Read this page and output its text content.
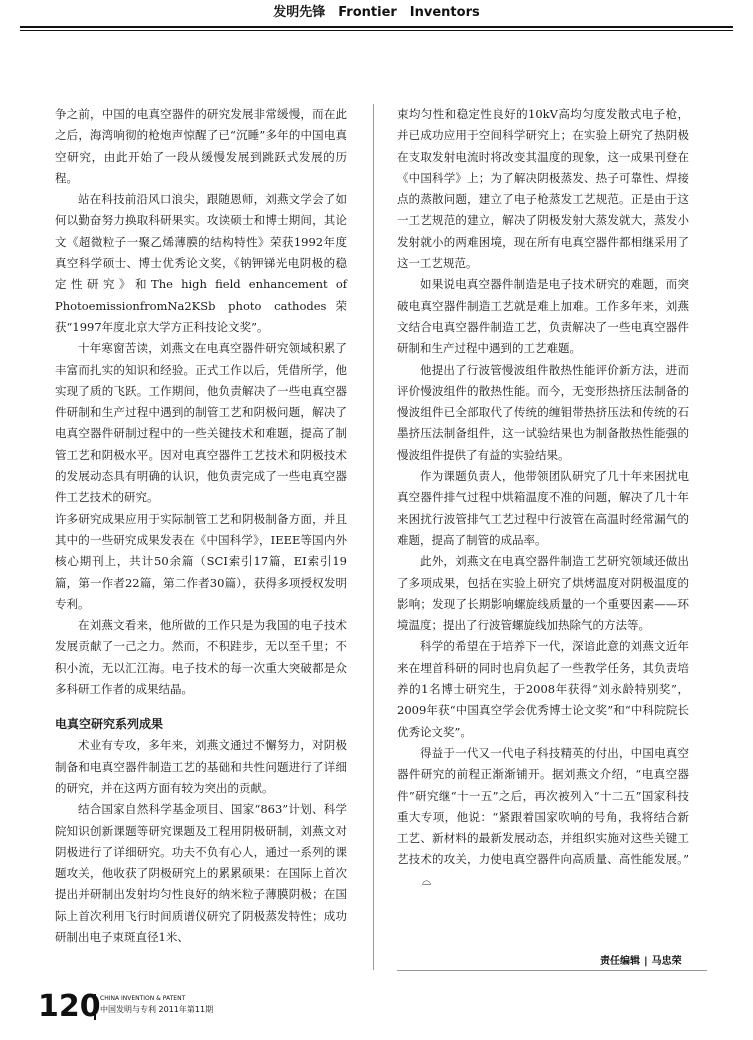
发明先锋　Frontier　Inventors

争之前，中国的电真空器件的研究发展非常缓慢，而在此之后，海湾响彻的枪炮声惊醒了已“沉睡”多年的中国电真空研究，由此开始了一段从缓慢发展到跳跃式发展的历程。

站在科技前沿风口浪尖，跟随恩师，刘燕文学会了如何以勤奋努力换取科研果实。攻读硕士和博士期间，其论文《超微粒子一聚乙烯薄膜的结构特性》荣获1992年度真空科学硕士、博士优秀论文奖，《钠钾锑光电阴极的稳定性研究》和The high field enhancement of PhotoemissionfromNa2KSb photo cathodes荣获“1997年度北京大学方正科技论文奖”。

十年寒窗苦读，刘燕文在电真空器件研究领域积累了丰富而扎实的知识和经验。正式工作以后，凭借所学，他实现了质的飞跃。工作期间，他负责解决了一些电真空器件研制和生产过程中遇到的制管工艺和阴极问题，解决了电真空器件研制过程中的一些关键技术和难题，提高了制管工艺和阴极水平。因对电真空器件工艺技术和阴极技术的发展动态具有明确的认识，他负责完成了一些电真空器件工艺技术的研究。

许多研究成果应用于实际制管工艺和阴极制备方面，并且其中的一些研究成果发表在《中国科学》，IEEE等国内外核心期刊上，共计50余篇（SCI索引17篇，EI索引19篇，第一作者22篇，第二作者30篇），获得多项授权发明专利。

在刘燕文看来，他所做的工作只是为我国的电子技术发展贡献了一己之力。然而，不积跬步，无以至千里；不积小流，无以汇江海。电子技术的每一次重大突破都是众多科研工作者的成果结晶。

电真空研究系列成果

术业有专攻，多年来，刘燕文通过不懈努力，对阴极制备和电真空器件制造工艺的基础和共性问题进行了详细的研究，并在这两方面有较为突出的贡献。

结合国家自然科学基金项目、国家“863”计划、科学院知识创新课题等研究课题及工程用阴极研制，刘燕文对阴极进行了详细研究。功夫不负有心人，通过一系列的课题攻关，他收获了阴极研究上的累累硕果：在国际上首次提出并研制出发射均匀性良好的纳米粒子薄膜阴极；在国际上首次利用飞行时间质谱仪研究了阴极蒸发特性；成功研制出电子束斑直径1米、

束均匀性和稳定性良好的10kV高均匀度发散式电子枪，并已成功应用于空间科学研究上；在实验上研究了热阴极在支取发射电流时将改变其温度的现象，这一成果刊登在《中国科学》上；为了解决阴极蒸发、热子可靠性、焊接点的蒸散问题，建立了电子枪蒸发工艺规范。正是由于这一工艺规范的建立，解决了阴极发射大蒸发就大，蒸发小发射就小的两难困境，现在所有电真空器件都相继采用了这一工艺规范。

如果说电真空器件制造是电子技术研究的难题，而突破电真空器件制造工艺就是难上加难。工作多年来，刘燕文结合电真空器件制造工艺，负责解决了一些电真空器件研制和生产过程中遇到的工艺难题。

他提出了行波管慢波组件散热性能评价新方法，进而评价慢波组件的散热性能。而今，无变形热挤压法制备的慢波组件已全部取代了传统的缠钼带热挤压法和传统的石墨挤压法制备组件，这一试验结果也为制备散热性能强的慢波组件提供了有益的实验结果。

作为课题负责人，他带领团队研究了几十年来困扰电真空器件排气过程中烘箱温度不准的问题，解决了几十年来困扰行波管排气工艺过程中行波管在高温时经常漏气的难题，提高了制管的成品率。

此外，刘燕文在电真空器件制造工艺研究领域还做出了多项成果，包括在实验上研究了烘烤温度对阴极温度的影响；发现了长期影响螺旋线质量的一个重要因素——环境温度；提出了行波管螺旋线加热除气的方法等。

科学的希望在于培养下一代，深谙此意的刘燕文近年来在埋首科研的同时也肩负起了一些教学任务，其负责培养的1名博士研究生，于2008年获得“刘永龄特别奖”，2009年获“中国真空学会优秀博士论文奖”和“中科院院长优秀论文奖”。

得益于一代又一代电子科技精英的付出，中国电真空器件研究的前程正渐渐铺开。据刘燕文介绍，“电真空器件”研究继“十一五”之后，再次被列入“十二五”国家科技重大专项，他说：“紧跟着国家吹响的号角，我将结合新工艺、新材料的最新发展动态，并组织实施对这些关键工艺技术的攻关，力使电真空器件向高质量、高性能发展。”⌓

责任编辑 | 马忠荣
120 CHINA INVENTION & PATENT
中国发明与专利 2011年第11期
